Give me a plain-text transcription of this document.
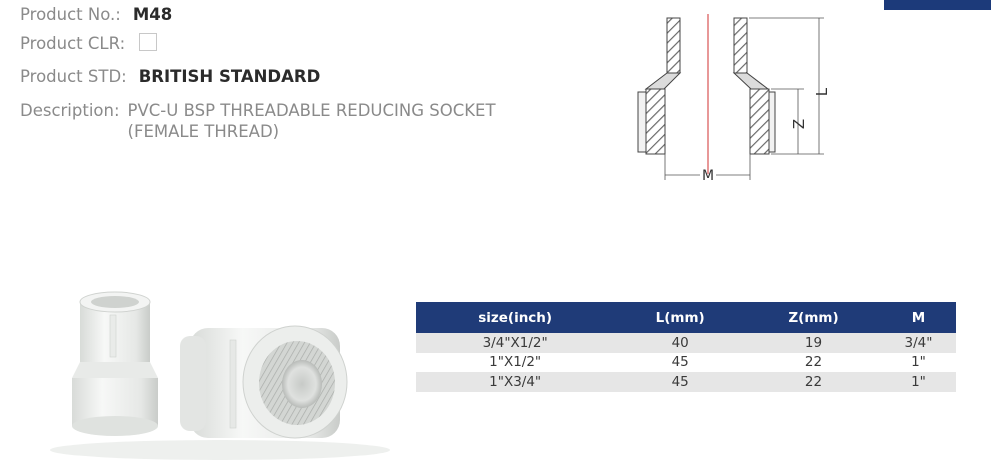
Product No.: M48
Product CLR:
Product STD: BRITISH STANDARD
Description: PVC-U BSP THREADABLE REDUCING SOCKET
(FEMALE THREAD)
L
Z
M
size(inch)	L(mm)	Z(mm)	M
3/4"X1/2"	40	19	3/4"
1"X1/2"	45	22	1"
1"X3/4"	45	22	1"
